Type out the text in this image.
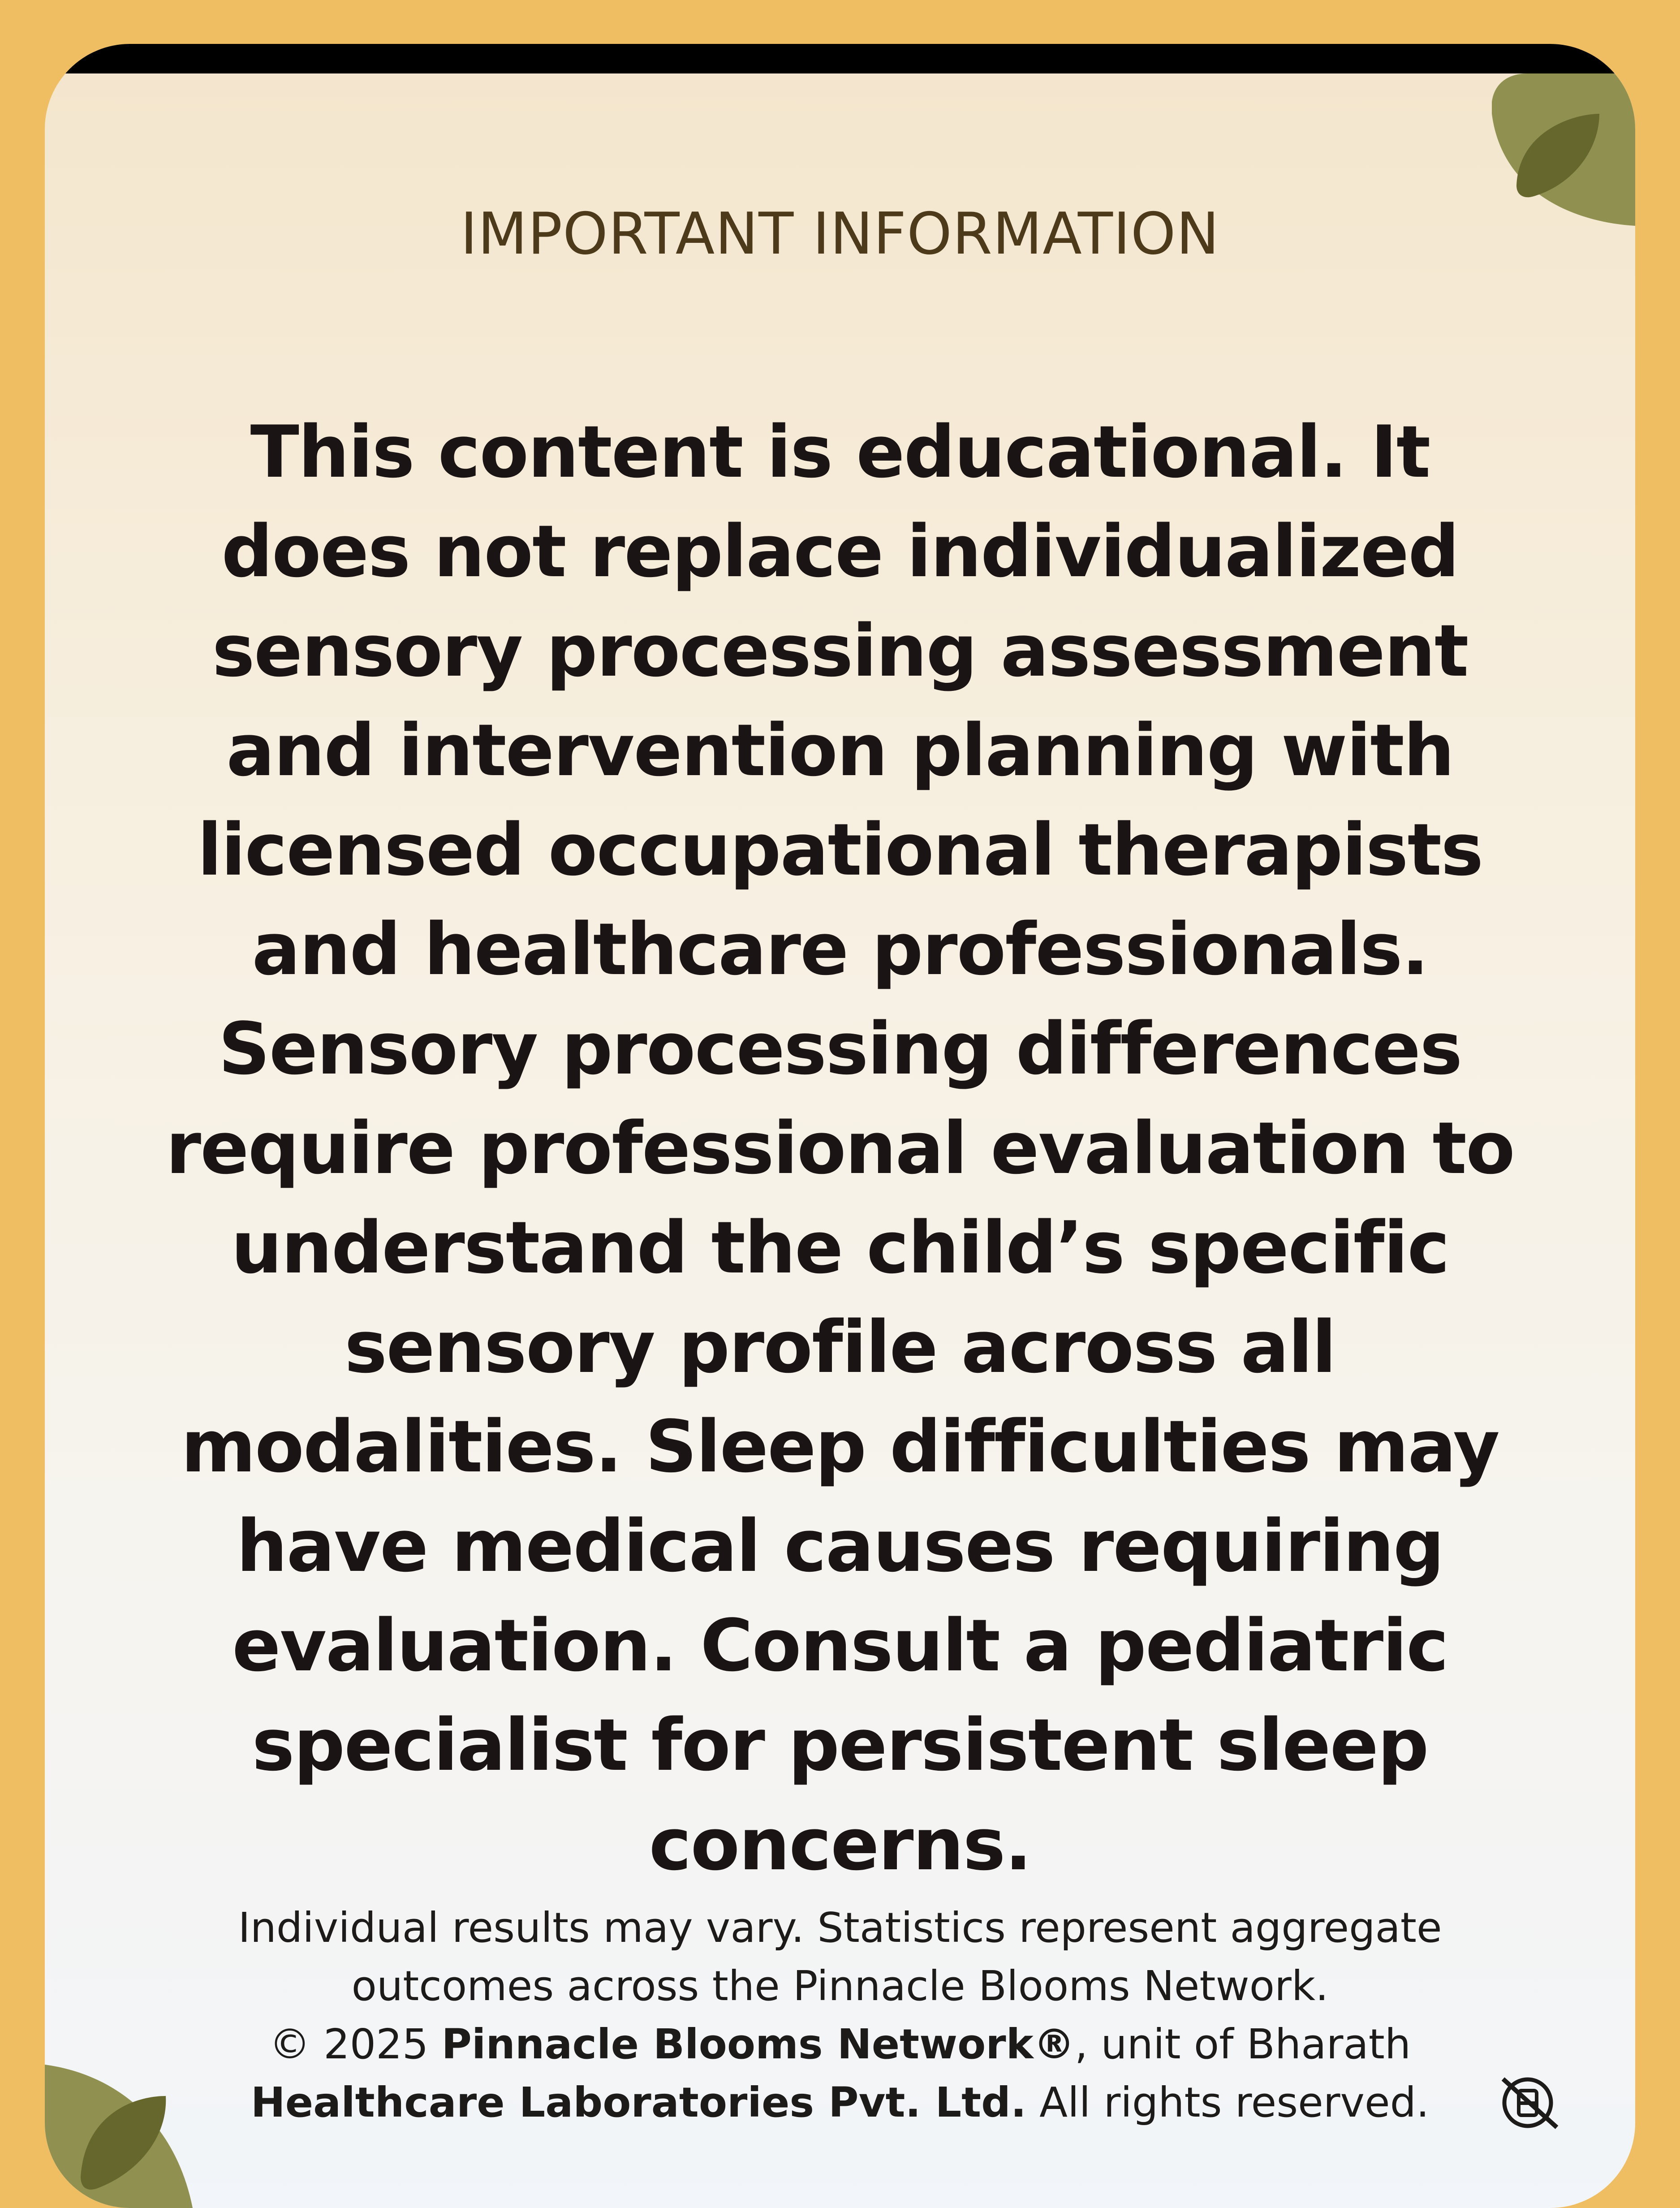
IMPORTANT INFORMATION
This content is educational. It does not replace individualized sensory processing assessment and intervention planning with licensed occupational therapists and healthcare professionals. Sensory processing differences require professional evaluation to understand the child’s specific sensory profile across all modalities. Sleep difficulties may have medical causes requiring evaluation. Consult a pediatric specialist for persistent sleep concerns.
Individual results may vary. Statistics represent aggregate outcomes across the Pinnacle Blooms Network.
© 2025 Pinnacle Blooms Network®, unit of Bharath Healthcare Laboratories Pvt. Ltd. All rights reserved.
